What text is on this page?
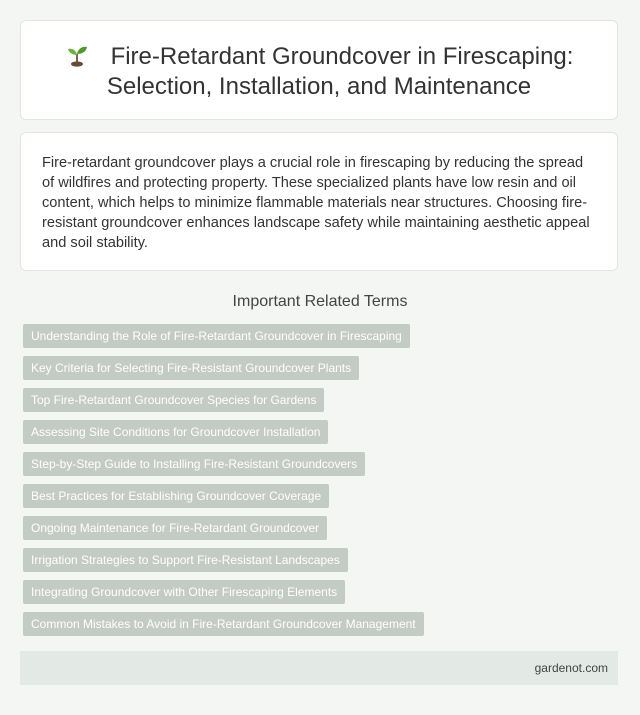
Fire-Retardant Groundcover in Firescaping:
Selection, Installation, and Maintenance

Fire-retardant groundcover plays a crucial role in firescaping by reducing the spread of wildfires and protecting property. These specialized plants have low resin and oil content, which helps to minimize flammable materials near structures. Choosing fire-resistant groundcover enhances landscape safety while maintaining aesthetic appeal and soil stability.

Important Related Terms
Understanding the Role of Fire-Retardant Groundcover in Firescaping
Key Criteria for Selecting Fire-Resistant Groundcover Plants
Top Fire-Retardant Groundcover Species for Gardens
Assessing Site Conditions for Groundcover Installation
Step-by-Step Guide to Installing Fire-Resistant Groundcovers
Best Practices for Establishing Groundcover Coverage
Ongoing Maintenance for Fire-Retardant Groundcover
Irrigation Strategies to Support Fire-Resistant Landscapes
Integrating Groundcover with Other Firescaping Elements
Common Mistakes to Avoid in Fire-Retardant Groundcover Management
gardenot.com
